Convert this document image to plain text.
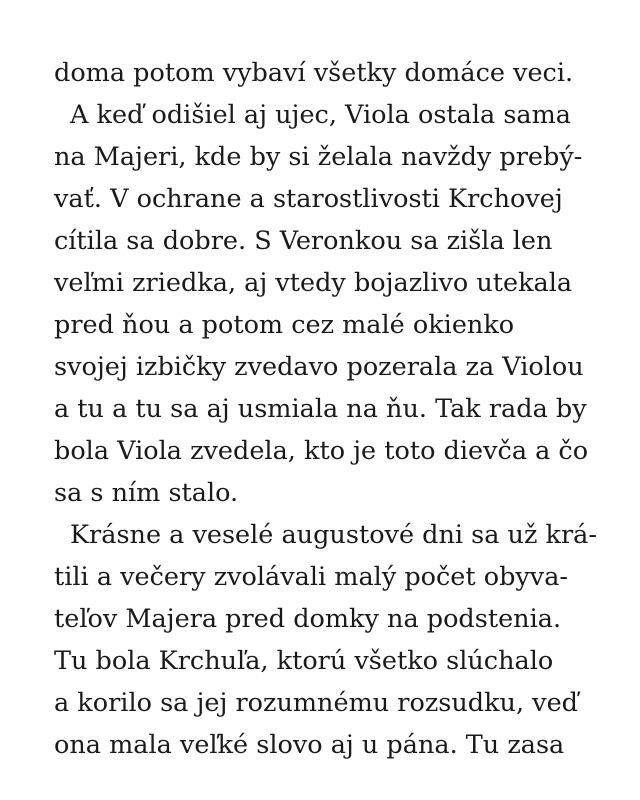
doma potom vybaví všetky domáce veci.
A keď odišiel aj ujec, Viola ostala sama
na Majeri, kde by si želala navždy prebý-
vať. V ochrane a starostlivosti Krchovej
cítila sa dobre. S Veronkou sa zišla len
veľmi zriedka, aj vtedy bojazlivo utekala
pred ňou a potom cez malé okienko
svojej izbičky zvedavo pozerala za Violou
a tu a tu sa aj usmiala na ňu. Tak rada by
bola Viola zvedela, kto je toto dievča a čo
sa s ním stalo.
Krásne a veselé augustové dni sa už krá-
tili a večery zvolávali malý počet obyva-
teľov Majera pred domky na podstenia.
Tu bola Krchuľa, ktorú všetko slúchalo
a korilo sa jej rozumnému rozsudku, veď
ona mala veľké slovo aj u pána. Tu zasa
